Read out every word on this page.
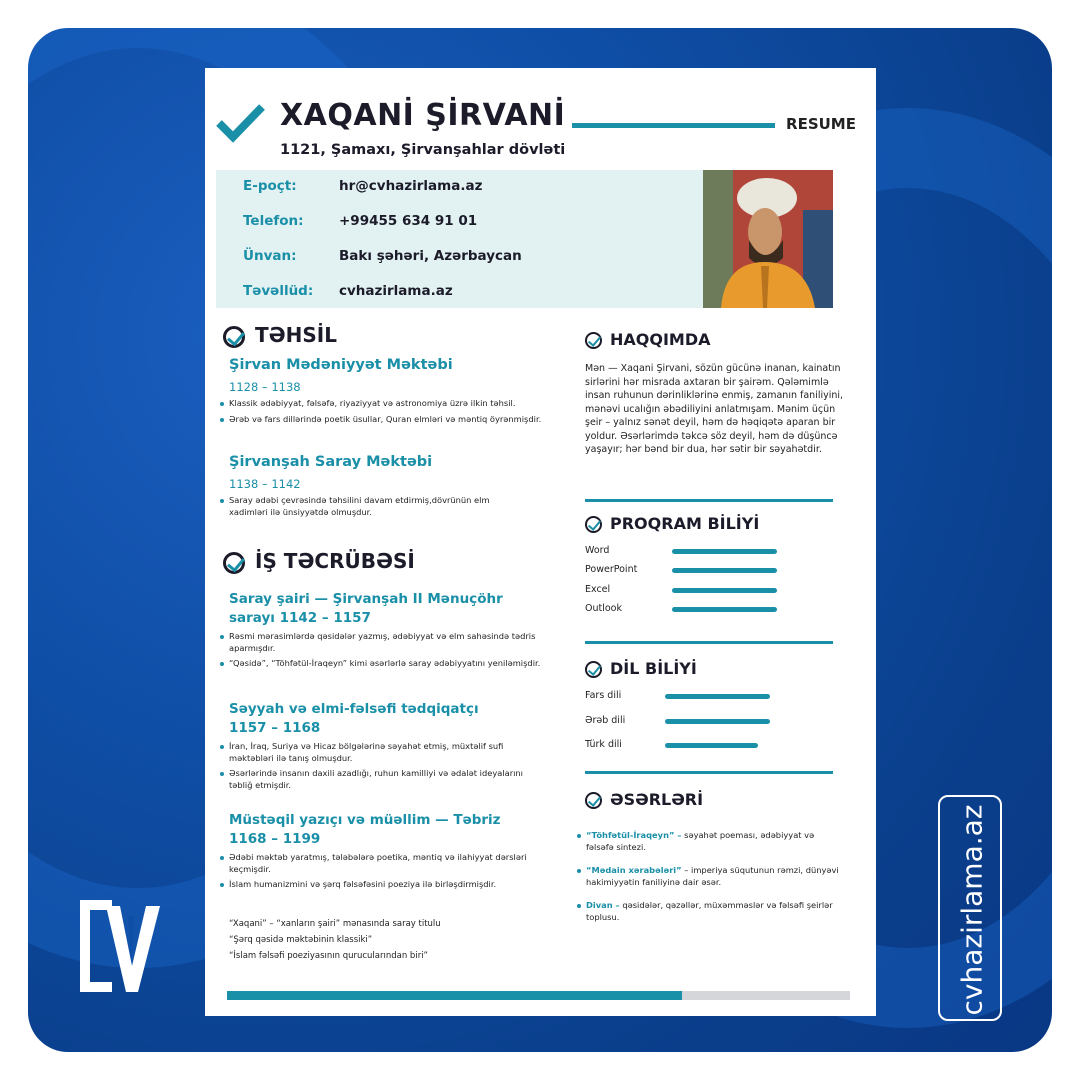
XAQANİ ŞİRVANİ	RESUME
1121, Şamaxı, Şirvanşahlar dövləti
E-poçt:	hr@cvhazirlama.az
Telefon:	+99455 634 91 01
Ünvan:	Bakı şəhəri, Azərbaycan
Təvəllüd: cvhazirlama.az
TƏHSİL
Şirvan Mədəniyyət Məktəbi
1128 – 1138
Klassik ədəbiyyat, fəlsəfə, riyaziyyat və astronomiya üzrə ilkin təhsil.
Ərəb və fars dillərində poetik üsullar, Quran elmləri və məntiq öyrənmişdir.
Şirvanşah Saray Məktəbi
1138 – 1142
Saray ədəbi çevrəsində təhsilini davam etdirmiş,dövrünün elm xadimləri ilə ünsiyyətdə olmuşdur.
İŞ TƏCRÜBƏSİ
Saray şairi — Şirvanşah II Mənuçöhr sarayı 1142 – 1157
Rəsmi mərasimlərdə qəsidələr yazmış, ədəbiyyat və elm sahəsində tədris aparmışdır.
“Qəsidə”, “Töhfətül-İraqeyn” kimi əsərlərlə saray ədəbiyyatını yeniləmişdir.
Səyyah və elmi-fəlsəfi tədqiqatçı 1157 – 1168
İran, İraq, Suriya və Hicaz bölgələrinə səyahət etmiş, müxtəlif sufi məktəbləri ilə tanış olmuşdur.
Əsərlərində insanın daxili azadlığı, ruhun kamilliyi və ədalət ideyalarını təbliğ etmişdir.
Müstəqil yazıçı və müəllim — Təbriz 1168 – 1199
Ədəbi məktəb yaratmış, tələbələrə poetika, məntiq və ilahiyyat dərsləri keçmişdir.
İslam humanizmini və şərq fəlsəfəsini poeziya ilə birləşdirmişdir.
“Xaqani” – “xanların şairi” mənasında saray titulu
“Şərq qəsidə məktəbinin klassiki”
“İslam fəlsəfi poeziyasının qurucularından biri”
HAQQIMDA
Mən — Xaqani Şirvani, sözün gücünə inanan, kainatın sirlərini hər misrada axtaran bir şairəm. Qələmimlə insan ruhunun dərinliklərinə enmiş, zamanın faniliyini, mənəvi ucalığın əbədiliyini anlatmışam. Mənim üçün şeir – yalnız sənət deyil, həm də həqiqətə aparan bir yoldur. Əsərlərimdə təkcə söz deyil, həm də düşüncə yaşayır; hər bənd bir dua, hər sətir bir səyahətdir.
PROQRAM BİLİYİ
Word
PowerPoint
Excel
Outlook
DİL BİLİYİ
Fars dili
Ərəb dili
Türk dili
ƏSƏRLƏRİ
“Töhfətül-İraqeyn” – səyahət poeması, ədəbiyyat və fəlsəfə sintezi.
“Mədain xərabələri” – imperiya süqutunun rəmzi, dünyəvi hakimiyyətin faniliyinə dair əsər.
Divan – qəsidələr, qəzəllər, müxəmməslər və fəlsəfi şeirlər toplusu.	cvhazirlama.az
